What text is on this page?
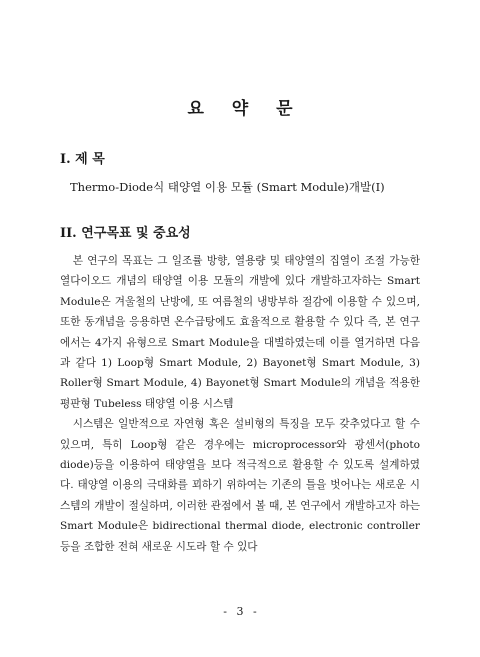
요 약 문
I. 제 목
Thermo-Diode식 태양열 이용 모듈 (Smart Module)개발(I)
II. 연구목표 및 중요성

본 연구의 목표는 그 일조률 방향, 열용량 및 태양열의 집열이 조절 가능한 열다이오드 개념의 태양열 이용 모듈의 개발에 있다 개발하고자하는 Smart Module은 겨울철의 난방에, 또 여름철의 냉방부하 절감에 이용할 수 있으며, 또한 동개념을 응용하면 온수급탕에도 효율적으로 활용할 수 있다 즉, 본 연구에서는 4가지 유형으로 Smart Module을 대별하였는데 이를 열거하면 다음과 같다 1) Loop형 Smart Module, 2) Bayonet형 Smart Module, 3) Roller형 Smart Module, 4) Bayonet형 Smart Module의 개념을 적용한 평판형 Tubeless 태양열 이용 시스템

시스템은 일반적으로 자연형 혹은 설비형의 특징을 모두 갖추었다고 할 수 있으며, 특히 Loop형 같은 경우에는 microprocessor와 광센서(photo diode)등을 이용하여 태양열을 보다 적극적으로 활용할 수 있도록 설계하였다. 태양열 이용의 극대화를 꾀하기 위하여는 기존의 틀을 벗어나는 새로운 시스템의 개발이 절실하며, 이러한 관점에서 볼 때, 본 연구에서 개발하고자 하는 Smart Module은 bidirectional thermal diode, electronic controller등을 조합한 전혀 새로운 시도라 할 수 있다

- 3 -
